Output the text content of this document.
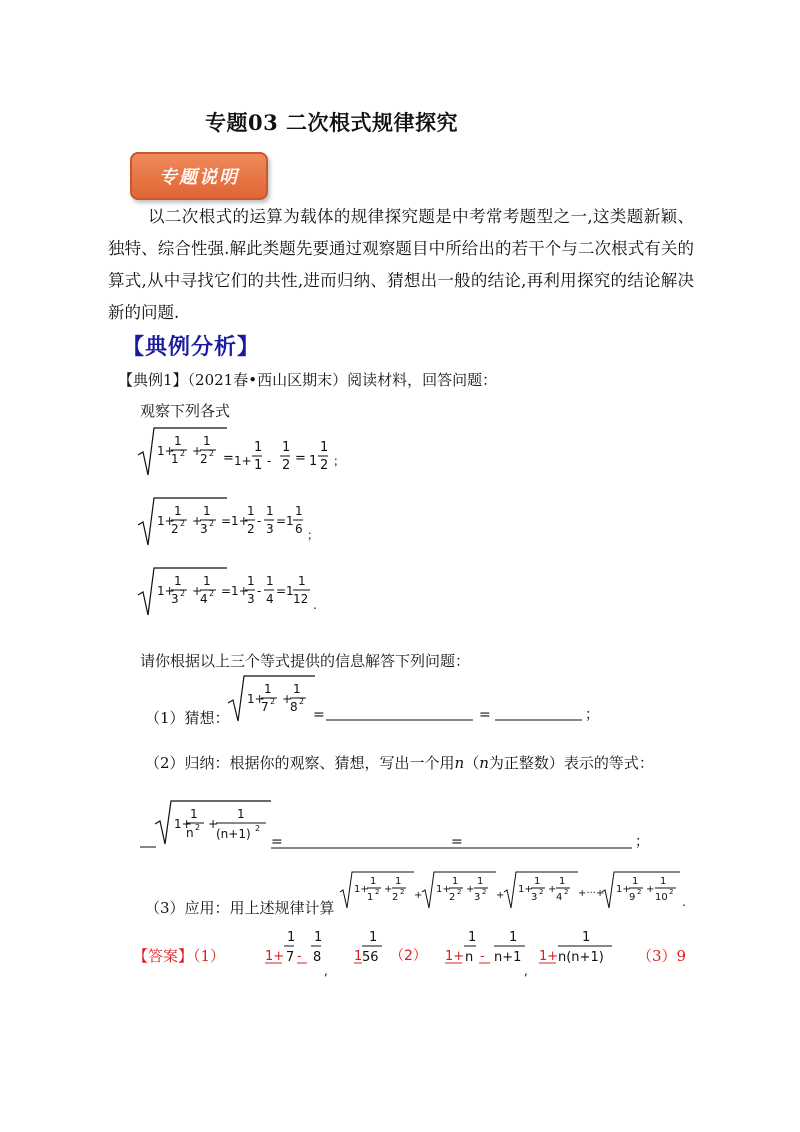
专题03 二次根式规律探究
专题说明
以二次根式的运算为载体的规律探究题是中考常考题型之一,这类题新颖、独特、综合性强.解此类题先要通过观察题目中所给出的若干个与二次根式有关的算式,从中寻找它们的共性,进而归纳、猜想出一般的结论,再利用探究的结论解决新的问题.
【典例分析】
【典例1】（2021春•西山区期末）阅读材料，回答问题：
观察下列各式
1+
1
1 2 +
1
2 2 = 1+
1
1 -
1
2 = 1
1
2 ；
1+
1
2 2 +
1
3 2 =1+
1
2
-
1
3
=1
1
6 ；
1+
1
3 2 +
1
4 2 =1+
1
3
-
1
4
=1
1
12 .
请你根据以上三个等式提供的信息解答下列问题：
（1）猜想：
1+
1
7 2 +
1
8 2
=	=	；
（2）归纳：根据你的观察、猜想，写出一个用n（n为正整数）表示的等式：
1+
1
n 2 +
1
(n+1) 2
=	=	；
（3）应用：用上述规律计算
1+
1
1 2 +
1
2 2 +
1+
1
2 2 +
1
3 2 +
1+
1
3 2 +
1
4 2 +···+ 1+
1
9 2 +
1
10 2
.
【答案】（1）	1+
1
7 -
1
8
,
1
1
56 （2） 1+
1
n -
1
n+1
,
1+
1
n(n+1) （3）9
